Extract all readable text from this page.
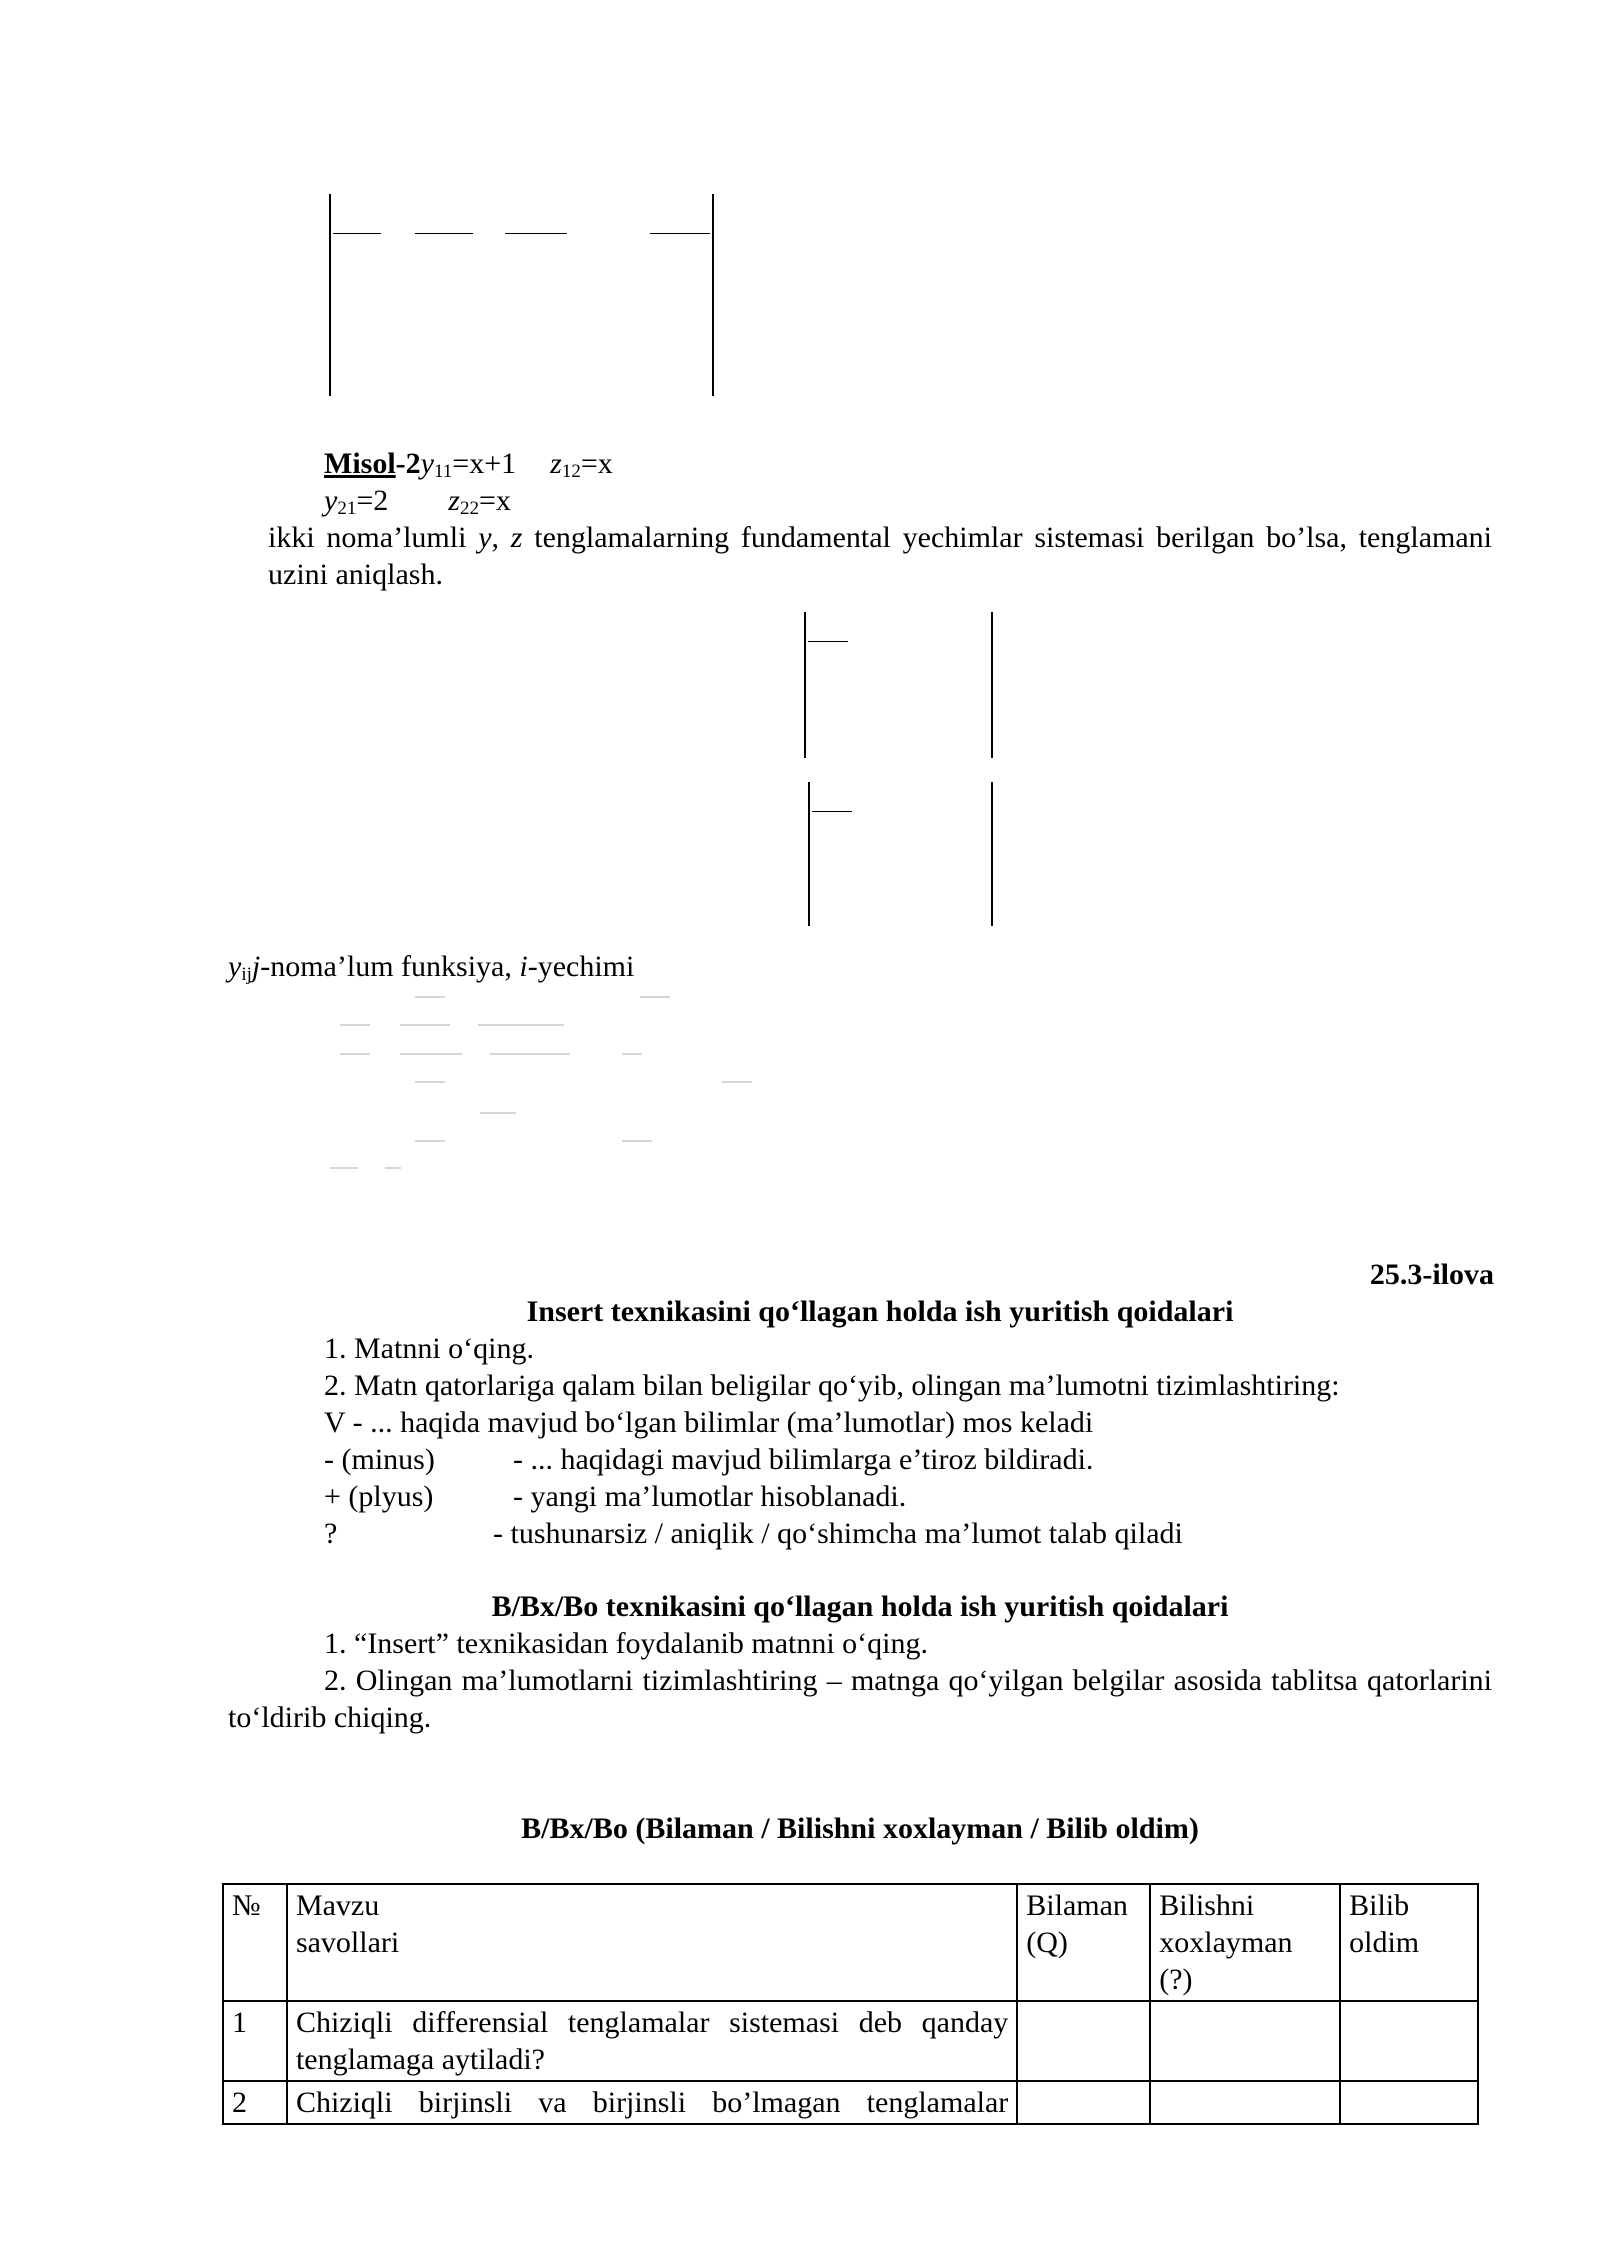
Misol-$2y_{11}=x+1$ $z_{12}=x$
$y_{21}=2$ $z_{22}=x$
ikki noma’lumli y, z tenglamalarning fundamental yechimlar sistemasi berilgan bo’lsa, tenglamani uzini aniqlash.
$y_{ij}j-noma’lum$ funksiya, i-yechimi
25.3-ilova
Insert texnikasini qo‘llagan holda ish yuritish qoidalari
1. Matnni o‘qing.
2. Matn qatorlariga qalam bilan beligilar qo‘yib, olingan ma’lumotni tizimlashtiring:
V - ... haqida mavjud bo‘lgan bilimlar (ma’lumotlar) mos keladi
- (minus)	- ... haqidagi mavjud bilimlarga e’tiroz bildiradi.
+ (plyus)	- yangi ma’lumotlar hisoblanadi.
?	- tushunarsiz / aniqlik / qo‘shimcha ma’lumot talab qiladi
B/Bx/Bo texnikasini qo‘llagan holda ish yuritish qoidalari
1. “Insert” texnikasidan foydalanib matnni o‘qing.
2. Olingan ma’lumotlarni tizimlashtiring – matnga qo‘yilgan belgilar asosida tablitsa qatorlarini to‘ldirib chiqing.
B/Bx/Bo (Bilaman / Bilishni xoxlayman / Bilib oldim)
№	Mavzu savollari	Bilaman (Q)	Bilishni xoxlayman (?)	Bilib oldim
1	Chiziqli differensial tenglamalar sistemasi deb qanday tenglamaga aytiladi?			
2	Chiziqli birjinsli va birjinsli bo’lmagan tenglamalar			
